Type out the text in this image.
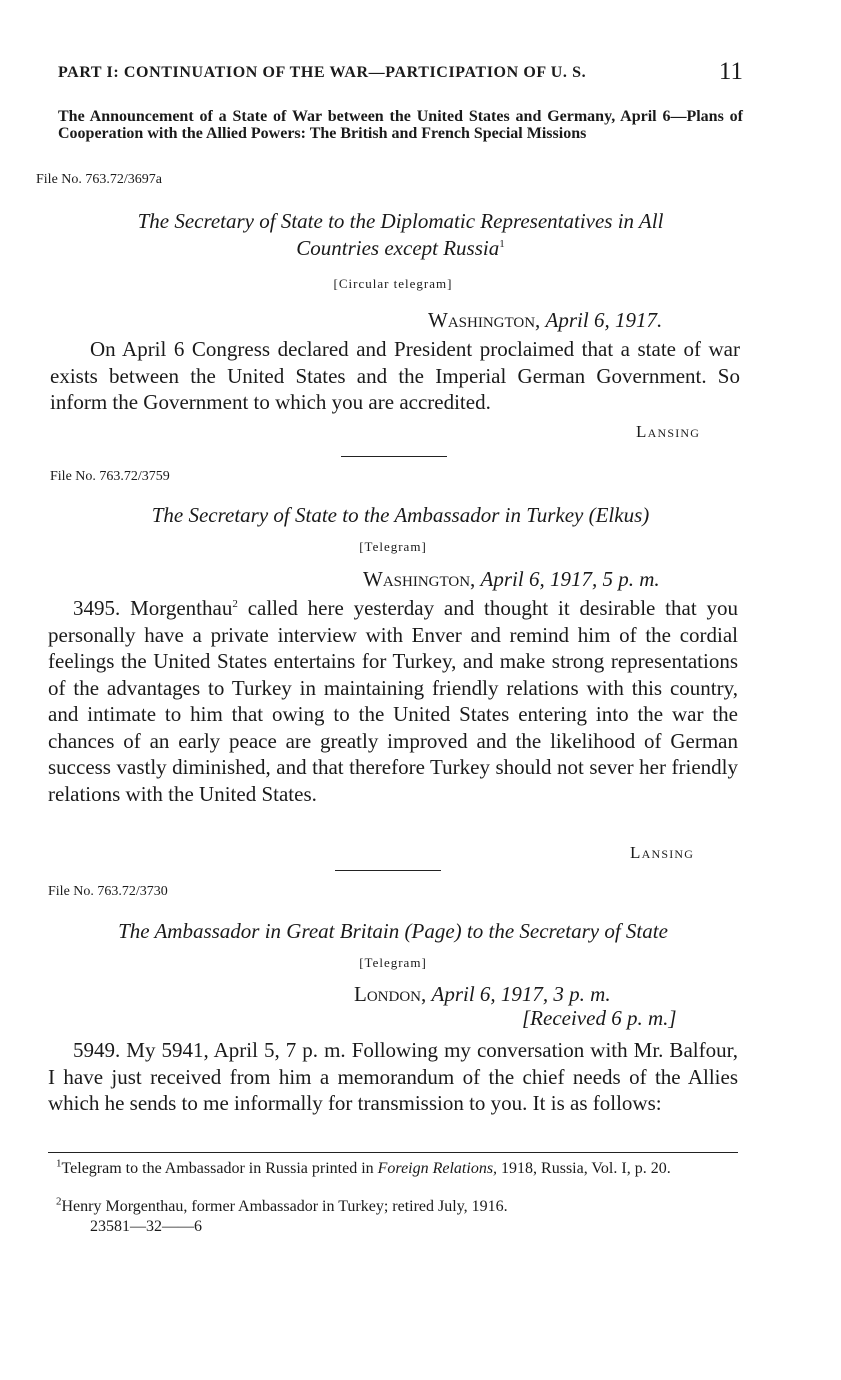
PART I: CONTINUATION OF THE WAR—PARTICIPATION OF U. S.	11
The Announcement of a State of War between the United States and Germany, April 6—Plans of Cooperation with the Allied Powers: The British and French Special Missions
File No. 763.72/3697a
The Secretary of State to the Diplomatic Representatives in All
Countries except Russia$^1$
[Circular telegram]
Washington, April 6, 1917.
On April 6 Congress declared and President proclaimed that a state of war exists between the United States and the Imperial German Government. So inform the Government to which you are accredited.
Lansing
File No. 763.72/3759
The Secretary of State to the Ambassador in Turkey (Elkus)
[Telegram]
Washington, April 6, 1917, 5 p. m.
3495. Morgenthau$^2$ called here yesterday and thought it desirable that you personally have a private interview with Enver and remind him of the cordial feelings the United States entertains for Turkey, and make strong representations of the advantages to Turkey in maintaining friendly relations with this country, and intimate to him that owing to the United States entering into the war the chances of an early peace are greatly improved and the likelihood of German success vastly diminished, and that therefore Turkey should not sever her friendly relations with the United States.
Lansing
File No. 763.72/3730
The Ambassador in Great Britain (Page) to the Secretary of State
[Telegram]
London, April 6, 1917, 3 p. m.
[Received 6 p. m.]
5949. My 5941, April 5, 7 p. m. Following my conversation with Mr. Balfour, I have just received from him a memorandum of the chief needs of the Allies which he sends to me informally for transmission to you. It is as follows:
$^1$Telegram to the Ambassador in Russia printed in Foreign Relations, 1918, Russia, Vol. I, p. 20.
$^2$Henry Morgenthau, former Ambassador in Turkey; retired July, 1916.
23581—32——6
